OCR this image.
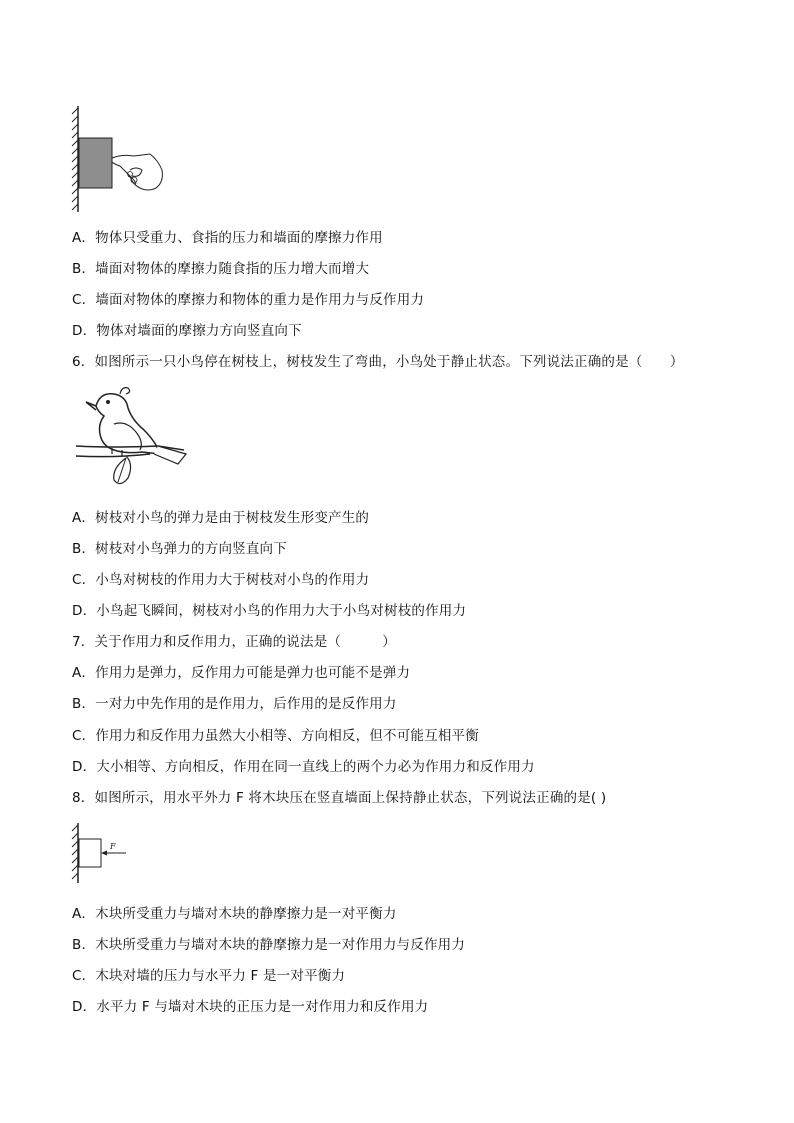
A．物体只受重力、食指的压力和墙面的摩擦力作用
B．墙面对物体的摩擦力随食指的压力增大而增大
C．墙面对物体的摩擦力和物体的重力是作用力与反作用力
D．物体对墙面的摩擦力方向竖直向下
6．如图所示一只小鸟停在树枝上，树枝发生了弯曲，小鸟处于静止状态。下列说法正确的是（　　）
A．树枝对小鸟的弹力是由于树枝发生形变产生的
B．树枝对小鸟弹力的方向竖直向下
C．小鸟对树枝的作用力大于树枝对小鸟的作用力
D．小鸟起飞瞬间，树枝对小鸟的作用力大于小鸟对树枝的作用力
7．关于作用力和反作用力，正确的说法是（　　　）
A．作用力是弹力，反作用力可能是弹力也可能不是弹力
B．一对力中先作用的是作用力，后作用的是反作用力
C．作用力和反作用力虽然大小相等、方向相反，但不可能互相平衡
D．大小相等、方向相反，作用在同一直线上的两个力必为作用力和反作用力
8．如图所示，用水平外力 F 将木块压在竖直墙面上保持静止状态，下列说法正确的是( )
F
A．木块所受重力与墙对木块的静摩擦力是一对平衡力
B．木块所受重力与墙对木块的静摩擦力是一对作用力与反作用力
C．木块对墙的压力与水平力 F 是一对平衡力
D．水平力 F 与墙对木块的正压力是一对作用力和反作用力
